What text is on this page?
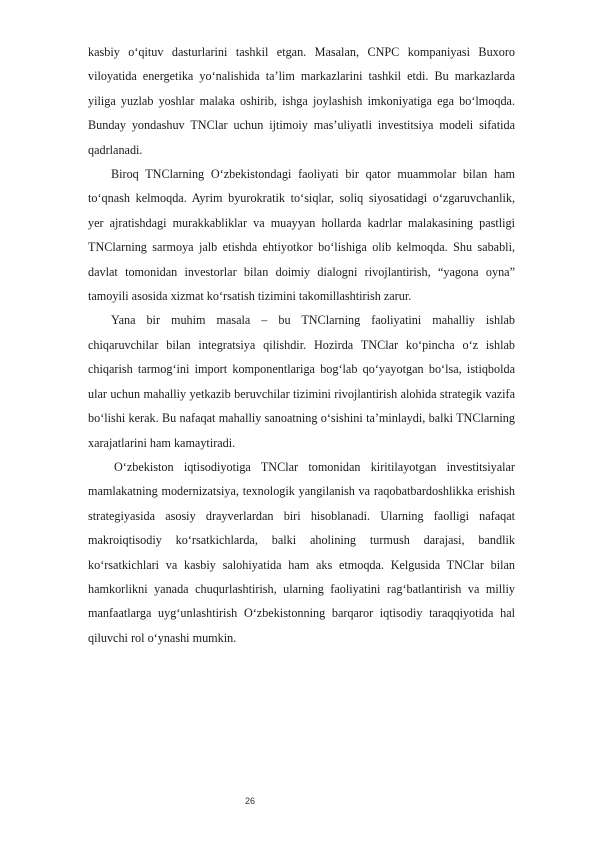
kasbiy o‘qituv dasturlarini tashkil etgan. Masalan, CNPC kompaniyasi Buxoro viloyatida energetika yo‘nalishida ta’lim markazlarini tashkil etdi. Bu markazlarda yiliga yuzlab yoshlar malaka oshirib, ishga joylashish imkoniyatiga ega bo‘lmoqda. Bunday yondashuv TNClar uchun ijtimoiy mas’uliyatli investitsiya modeli sifatida qadrlanadi.

Biroq TNClarning O‘zbekistondagi faoliyati bir qator muammolar bilan ham to‘qnash kelmoqda. Ayrim byurokratik to‘siqlar, soliq siyosatidagi o‘zgaruvchanlik, yer ajratishdagi murakkabliklar va muayyan hollarda kadrlar malakasining pastligi TNClarning sarmoya jalb etishda ehtiyotkor bo‘lishiga olib kelmoqda. Shu sababli, davlat tomonidan investorlar bilan doimiy dialogni rivojlantirish, “yagona oyna” tamoyili asosida xizmat ko‘rsatish tizimini takomillashtirish zarur.

Yana bir muhim masala – bu TNClarning faoliyatini mahalliy ishlab chiqaruvchilar bilan integratsiya qilishdir. Hozirda TNClar ko‘pincha o‘z ishlab chiqarish tarmog‘ini import komponentlariga bog‘lab qo‘yayotgan bo‘lsa, istiqbolda ular uchun mahalliy yetkazib beruvchilar tizimini rivojlantirish alohida strategik vazifa bo‘lishi kerak. Bu nafaqat mahalliy sanoatning o‘sishini ta’minlaydi, balki TNClarning xarajatlarini ham kamaytiradi.

O‘zbekiston iqtisodiyotiga TNClar tomonidan kiritilayotgan investitsiyalar mamlakatning modernizatsiya, texnologik yangilanish va raqobatbardoshlikka erishish strategiyasida asosiy drayverlardan biri hisoblanadi. Ularning faolligi nafaqat makroiqtisodiy ko‘rsatkichlarda, balki aholining turmush darajasi, bandlik ko‘rsatkichlari va kasbiy salohiyatida ham aks etmoqda. Kelgusida TNClar bilan hamkorlikni yanada chuqurlashtirish, ularning faoliyatini rag‘batlantirish va milliy manfaatlarga uyg‘unlashtirish O‘zbekistonning barqaror iqtisodiy taraqqiyotida hal qiluvchi rol o‘ynashi mumkin.

26
